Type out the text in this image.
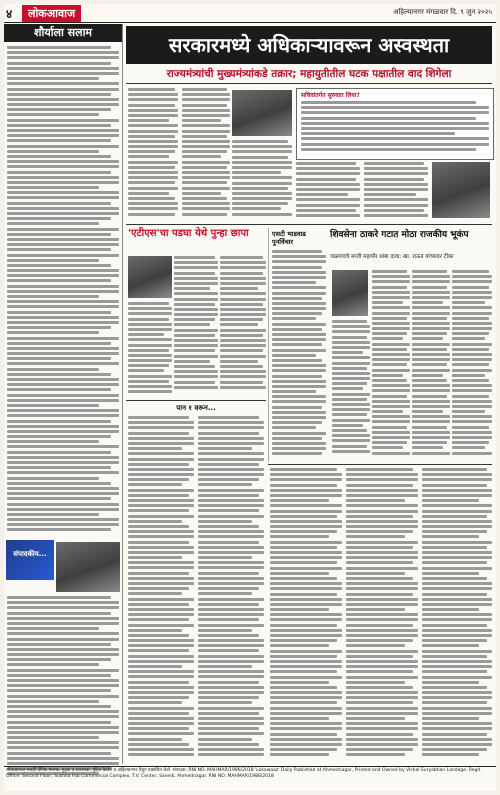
४	लोकआवाज	अहिल्यानगर मंगळवार दि. ९ जुन २०२५
शौर्याला सलाम
संपादकीय...
सरकारमध्ये अधिकाऱ्यावरून अस्वस्थता
राज्यमंत्र्यांची मुख्यमंत्र्यांकडे तक्रार; महायुतीतील घटक पक्षातील वाद शिगेला
सचिवांतर्गत सुरुवात लिया?
'एटीएस'चा पडघा येथे पुन्हा छापा	एसटी भाडवाढ पुनर्विचार
शिवसेना ठाकरे गटात मोठा राजकीय भूकंप
जळगांवचे माजी महापौर थांबा दावा; खा. राऊत यांच्यावर टीका
पान १ वरून...
लोकआवाज मराठी दैनिक मालक, मुद्रक व प्रकाशक: मुद्रित केलेले व अहिल्यानगर येथून प्रकाशित केले. संपादक: RNI NO. MAHMAR/1986/2018 'Lokawaaz' Daily Published at Ahmednagar, Printed and Owned by Vishal Suryabhan Landage. Regd. Office: Second Floor, Sushila Fob Commercial Complex, T.V. Center, Savedi, Ahmednagar. RNI NO. MAHMAR/1986/2018
